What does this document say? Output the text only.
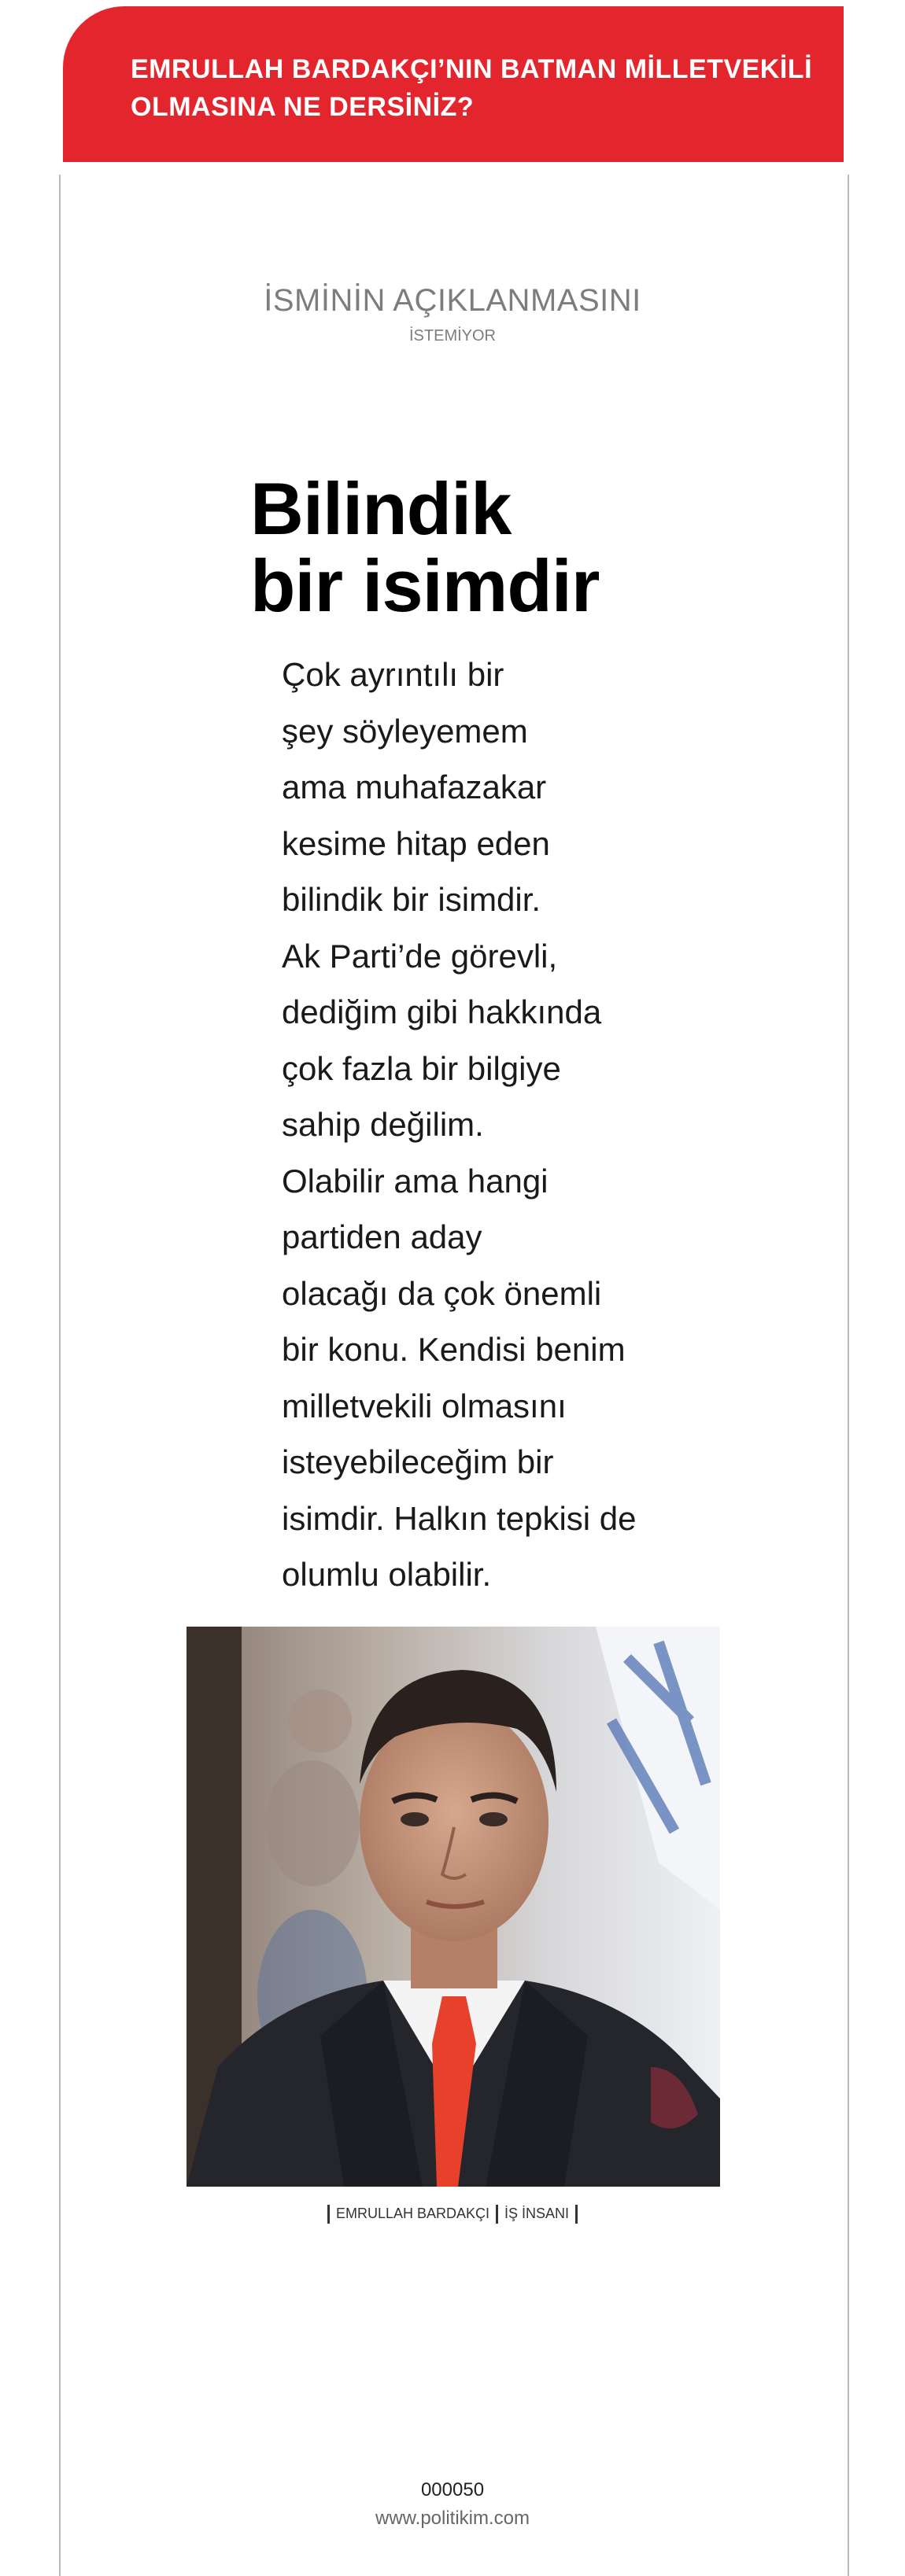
EMRULLAH BARDAKÇI’NIN BATMAN MİLLETVEKİLİ
OLMASINA NE DERSİNİZ?
İSMİNİN AÇIKLANMASINI
İSTEMİYOR
Bilindik
bir isimdir
Çok ayrıntılı bir
şey söyleyemem
ama muhafazakar
kesime hitap eden
bilindik bir isimdir.
Ak Parti’de görevli,
dediğim gibi hakkında
çok fazla bir bilgiye
sahip değilim.
Olabilir ama hangi
partiden aday
olacağı da çok önemli
bir konu. Kendisi benim
milletvekili olmasını
isteyebileceğim bir
isimdir. Halkın tepkisi de
olumlu olabilir.
EMRULLAH BARDAKÇI İŞ İNSANI
000050
www.politikim.com
